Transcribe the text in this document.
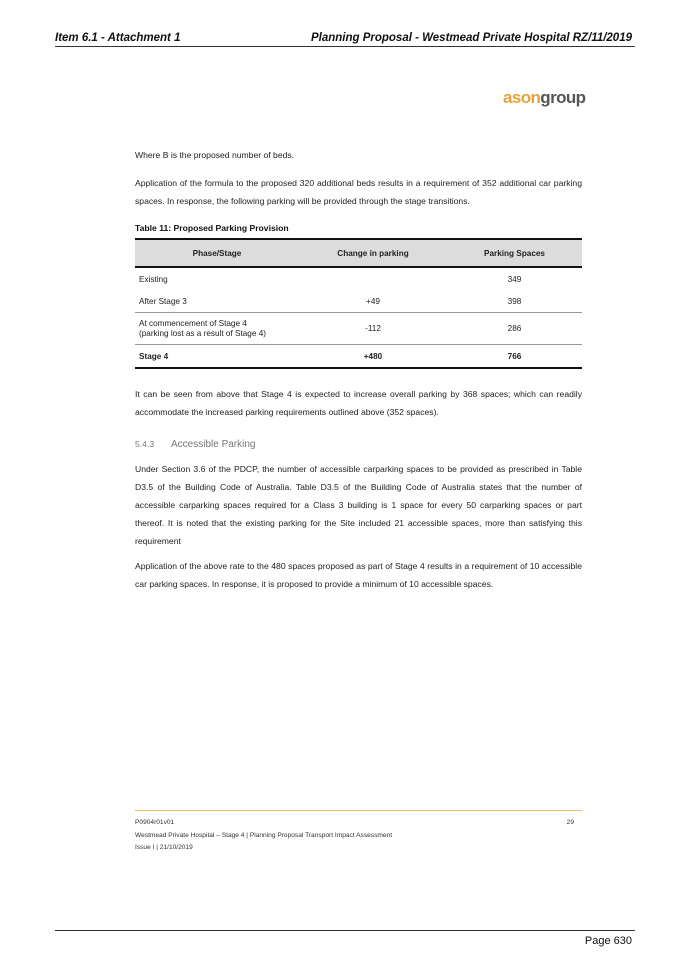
Item 6.1 - Attachment 1	Planning Proposal - Westmead Private Hospital RZ/11/2019
asongroup
Where B is the proposed number of beds.
Application of the formula to the proposed 320 additional beds results in a requirement of 352 additional car parking spaces. In response, the following parking will be provided through the stage transitions.
Table 11: Proposed Parking Provision
Phase/Stage	Change in parking	Parking Spaces
Existing		349
After Stage 3	+49	398
At commencement of Stage 4
(parking lost as a result of Stage 4)	-112	286
Stage 4	+480	766
It can be seen from above that Stage 4 is expected to increase overall parking by 368 spaces; which can readily accommodate the increased parking requirements outlined above (352 spaces).
5.4.3 Accessible Parking
Under Section 3.6 of the PDCP, the number of accessible carparking spaces to be provided as prescribed in Table D3.5 of the Building Code of Australia. Table D3.5 of the Building Code of Australia states that the number of accessible carparking spaces required for a Class 3 building is 1 space for every 50 carparking spaces or part thereof. It is noted that the existing parking for the Site included 21 accessible spaces, more than satisfying this requirement
Application of the above rate to the 480 spaces proposed as part of Stage 4 results in a requirement of 10 accessible car parking spaces. In response, it is proposed to provide a minimum of 10 accessible spaces.
P0904r01v01
Westmead Private Hospital – Stage 4 | Planning Proposal Transport Impact Assessment
Issue I | 21/10/2019
29
Page 630
